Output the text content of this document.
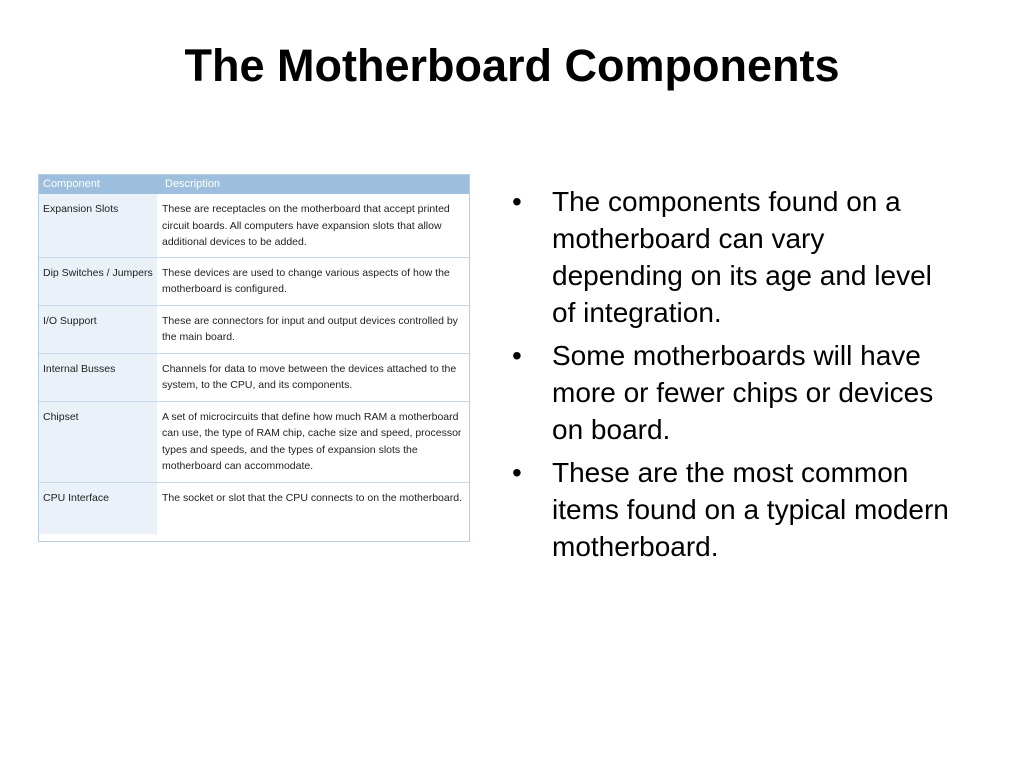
The Motherboard Components
Component	Description
Expansion Slots	These are receptacles on the motherboard that accept printed circuit boards. All computers have expansion slots that allow additional devices to be added.
Dip Switches / Jumpers	These devices are used to change various aspects of how the motherboard is configured.
I/O Support	These are connectors for input and output devices controlled by the main board.
Internal Busses	Channels for data to move between the devices attached to the system, to the CPU, and its components.
Chipset	A set of microcircuits that define how much RAM a motherboard can use, the type of RAM chip, cache size and speed, processor types and speeds, and the types of expansion slots the motherboard can accommodate.
CPU Interface	The socket or slot that the CPU connects to on the motherboard.
• The components found on a motherboard can vary depending on its age and level of integration.
• Some motherboards will have more or fewer chips or devices on board.
• These are the most common items found on a typical modern motherboard.
